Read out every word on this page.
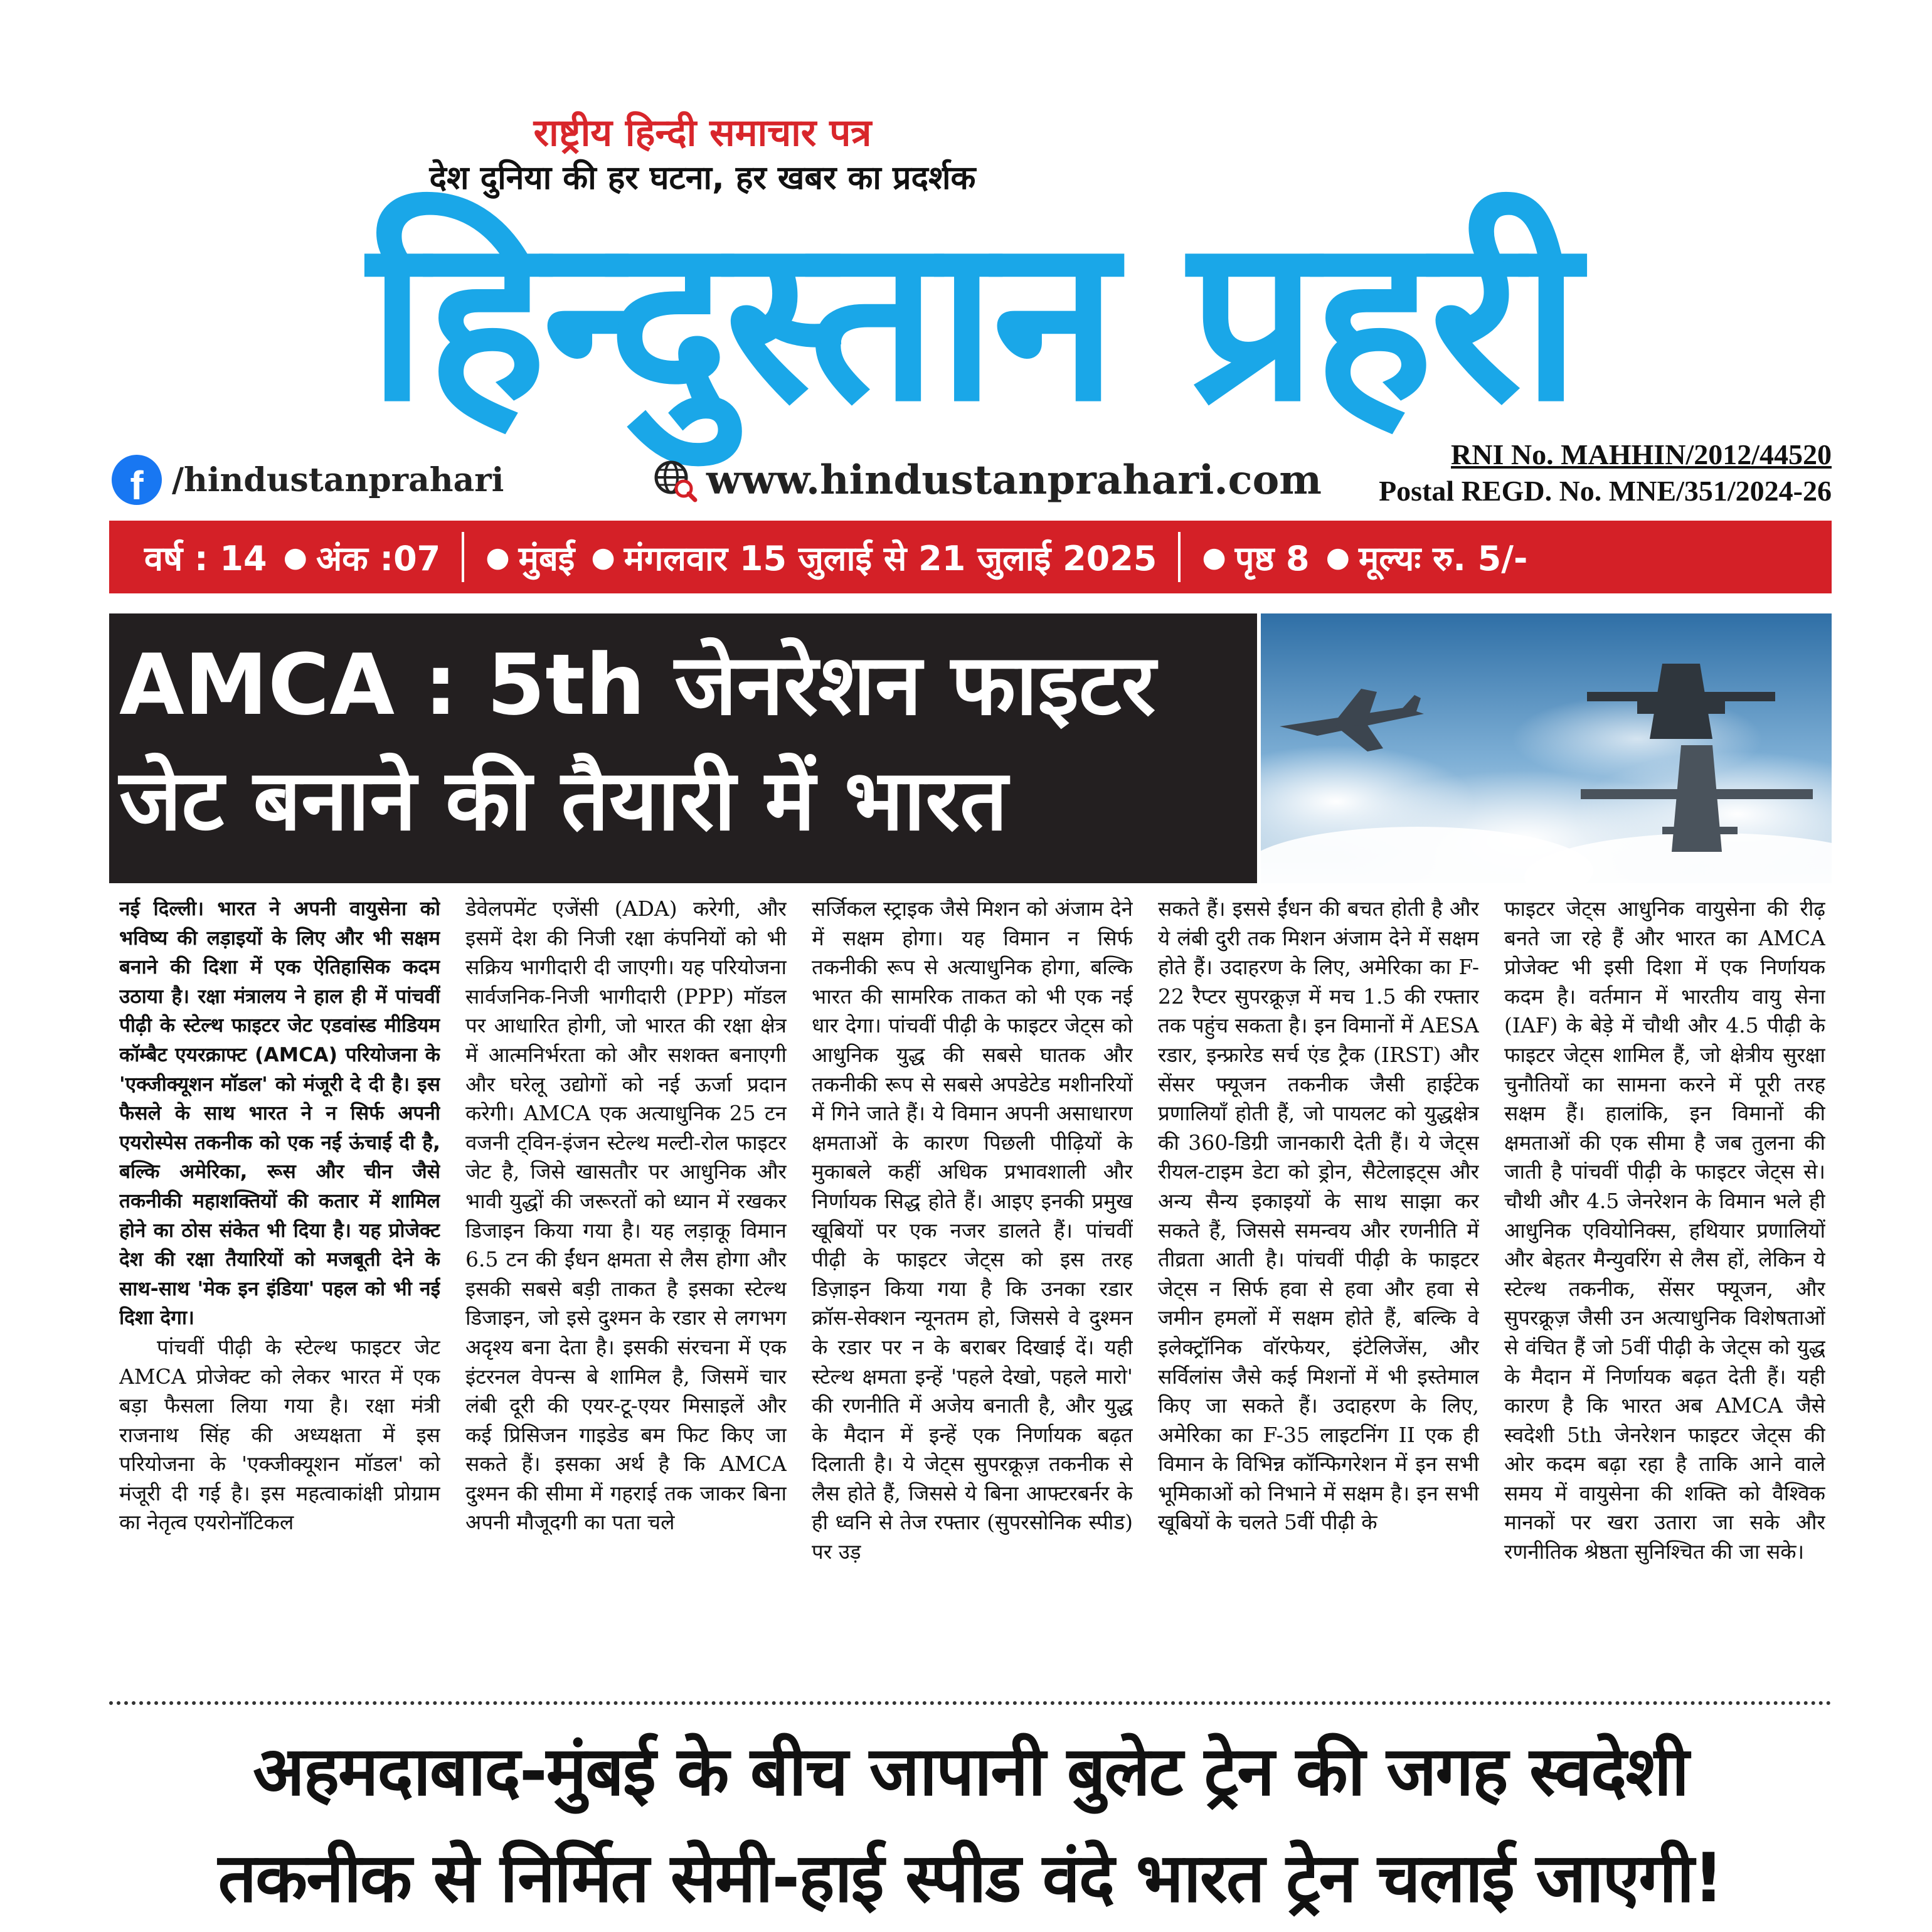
राष्ट्रीय हिन्दी समाचार पत्र
देश दुनिया की हर घटना, हर खबर का प्रदर्शक
हिन्दुस्तान प्रहरी
f /hindustanprahari	www.hindustanprahari.com
RNI No. MAHHIN/2012/44520
Postal REGD. No. MNE/351/2024-26
वर्ष : 14 ● अंक :07 ● मुंबई ● मंगलवार 15 जुलाई से 21 जुलाई 2025 ● पृष्ठ 8 ● मूल्यः रु. 5/-
AMCA : 5th जेनरेशन फाइटर
जेट बनाने की तैयारी में भारत

नई दिल्ली। भारत ने अपनी वायुसेना को भविष्य की लड़ाइयों के लिए और भी सक्षम बनाने की दिशा में एक ऐतिहासिक कदम उठाया है। रक्षा मंत्रालय ने हाल ही में पांचवीं पीढ़ी के स्टेल्थ फाइटर जेट एडवांस्ड मीडियम कॉम्बैट एयरक्राफ्ट (AMCA) परियोजना के 'एक्जीक्यूशन मॉडल' को मंजूरी दे दी है। इस फैसले के साथ भारत ने न सिर्फ अपनी एयरोस्पेस तकनीक को एक नई ऊंचाई दी है, बल्कि अमेरिका, रूस और चीन जैसे तकनीकी महाशक्तियों की कतार में शामिल होने का ठोस संकेत भी दिया है। यह प्रोजेक्ट देश की रक्षा तैयारियों को मजबूती देने के साथ-साथ 'मेक इन इंडिया' पहल को भी नई दिशा देगा।

पांचवीं पीढ़ी के स्टेल्थ फाइटर जेट AMCA प्रोजेक्ट को लेकर भारत में एक बड़ा फैसला लिया गया है। रक्षा मंत्री राजनाथ सिंह की अध्यक्षता में इस परियोजना के 'एक्जीक्यूशन मॉडल' को मंजूरी दी गई है। इस महत्वाकांक्षी प्रोग्राम का नेतृत्व एयरोनॉटिकल

डेवेलपमेंट एजेंसी (ADA) करेगी, और इसमें देश की निजी रक्षा कंपनियों को भी सक्रिय भागीदारी दी जाएगी। यह परियोजना सार्वजनिक-निजी भागीदारी (PPP) मॉडल पर आधारित होगी, जो भारत की रक्षा क्षेत्र में आत्मनिर्भरता को और सशक्त बनाएगी और घरेलू उद्योगों को नई ऊर्जा प्रदान करेगी। AMCA एक अत्याधुनिक 25 टन वजनी ट्विन-इंजन स्टेल्थ मल्टी-रोल फाइटर जेट है, जिसे खासतौर पर आधुनिक और भावी युद्धों की जरूरतों को ध्यान में रखकर डिजाइन किया गया है। यह लड़ाकू विमान 6.5 टन की ईंधन क्षमता से लैस होगा और इसकी सबसे बड़ी ताकत है इसका स्टेल्थ डिजाइन, जो इसे दुश्मन के रडार से लगभग अदृश्य बना देता है। इसकी संरचना में एक इंटरनल वेपन्स बे शामिल है, जिसमें चार लंबी दूरी की एयर-टू-एयर मिसाइलें और कई प्रिसिजन गाइडेड बम फिट किए जा सकते हैं। इसका अर्थ है कि AMCA दुश्मन की सीमा में गहराई तक जाकर बिना अपनी मौजूदगी का पता चले

सर्जिकल स्ट्राइक जैसे मिशन को अंजाम देने में सक्षम होगा। यह विमान न सिर्फ तकनीकी रूप से अत्याधुनिक होगा, बल्कि भारत की सामरिक ताकत को भी एक नई धार देगा। पांचवीं पीढ़ी के फाइटर जेट्स को आधुनिक युद्ध की सबसे घातक और तकनीकी रूप से सबसे अपडेटेड मशीनरियों में गिने जाते हैं। ये विमान अपनी असाधारण क्षमताओं के कारण पिछली पीढ़ियों के मुकाबले कहीं अधिक प्रभावशाली और निर्णायक सिद्ध होते हैं। आइए इनकी प्रमुख खूबियों पर एक नजर डालते हैं। पांचवीं पीढ़ी के फाइटर जेट्स को इस तरह डिज़ाइन किया गया है कि उनका रडार क्रॉस-सेक्शन न्यूनतम हो, जिससे वे दुश्मन के रडार पर न के बराबर दिखाई दें। यही स्टेल्थ क्षमता इन्हें 'पहले देखो, पहले मारो' की रणनीति में अजेय बनाती है, और युद्ध के मैदान में इन्हें एक निर्णायक बढ़त दिलाती है। ये जेट्स सुपरक्रूज़ तकनीक से लैस होते हैं, जिससे ये बिना आफ्टरबर्नर के ही ध्वनि से तेज रफ्तार (सुपरसोनिक स्पीड) पर उड़

सकते हैं। इससे ईंधन की बचत होती है और ये लंबी दुरी तक मिशन अंजाम देने में सक्षम होते हैं। उदाहरण के लिए, अमेरिका का F-22 रैप्टर सुपरक्रूज़ में मच 1.5 की रफ्तार तक पहुंच सकता है। इन विमानों में AESA रडार, इन्फ्रारेड सर्च एंड ट्रैक (IRST) और सेंसर फ्यूजन तकनीक जैसी हाईटेक प्रणालियाँ होती हैं, जो पायलट को युद्धक्षेत्र की 360-डिग्री जानकारी देती हैं। ये जेट्स रीयल-टाइम डेटा को ड्रोन, सैटेलाइट्स और अन्य सैन्य इकाइयों के साथ साझा कर सकते हैं, जिससे समन्वय और रणनीति में तीव्रता आती है। पांचवीं पीढ़ी के फाइटर जेट्स न सिर्फ हवा से हवा और हवा से जमीन हमलों में सक्षम होते हैं, बल्कि वे इलेक्ट्रॉनिक वॉरफेयर, इंटेलिजेंस, और सर्विलांस जैसे कई मिशनों में भी इस्तेमाल किए जा सकते हैं। उदाहरण के लिए, अमेरिका का F-35 लाइटनिंग II एक ही विमान के विभिन्न कॉन्फिगरेशन में इन सभी भूमिकाओं को निभाने में सक्षम है। इन सभी खूबियों के चलते 5वीं पीढ़ी के

फाइटर जेट्स आधुनिक वायुसेना की रीढ़ बनते जा रहे हैं और भारत का AMCA प्रोजेक्ट भी इसी दिशा में एक निर्णायक कदम है। वर्तमान में भारतीय वायु सेना (IAF) के बेड़े में चौथी और 4.5 पीढ़ी के फाइटर जेट्स शामिल हैं, जो क्षेत्रीय सुरक्षा चुनौतियों का सामना करने में पूरी तरह सक्षम हैं। हालांकि, इन विमानों की क्षमताओं की एक सीमा है जब तुलना की जाती है पांचवीं पीढ़ी के फाइटर जेट्स से। चौथी और 4.5 जेनरेशन के विमान भले ही आधुनिक एवियोनिक्स, हथियार प्रणालियों और बेहतर मैन्युवरिंग से लैस हों, लेकिन ये स्टेल्थ तकनीक, सेंसर फ्यूजन, और सुपरक्रूज़ जैसी उन अत्याधुनिक विशेषताओं से वंचित हैं जो 5वीं पीढ़ी के जेट्स को युद्ध के मैदान में निर्णायक बढ़त देती हैं। यही कारण है कि भारत अब AMCA जैसे स्वदेशी 5th जेनरेशन फाइटर जेट्स की ओर कदम बढ़ा रहा है ताकि आने वाले समय में वायुसेना की शक्ति को वैश्विक मानकों पर खरा उतारा जा सके और रणनीतिक श्रेष्ठता सुनिश्चित की जा सके।

अहमदाबाद-मुंबई के बीच जापानी बुलेट ट्रेन की जगह स्वदेशी
तकनीक से निर्मित सेमी-हाई स्पीड वंदे भारत ट्रेन चलाई जाएगी!
